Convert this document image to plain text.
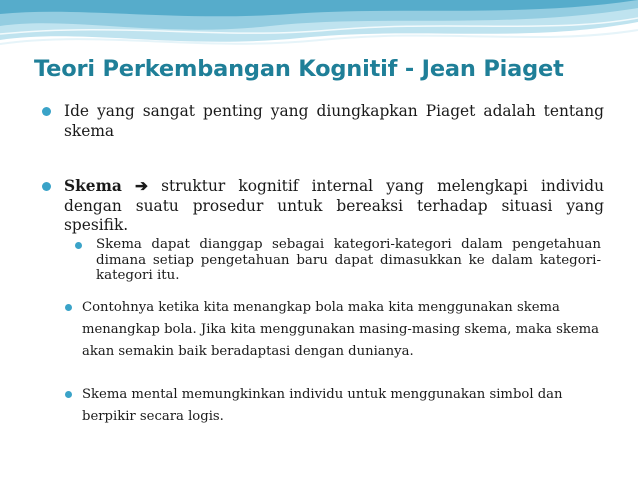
Teori Perkembangan Kognitif - Jean Piaget

Ide yang sangat penting yang diungkapkan Piaget adalah tentang skema

Skema ➔ struktur kognitif internal yang melengkapi individu dengan suatu prosedur untuk bereaksi terhadap situasi yang spesifik.

Skema dapat dianggap sebagai kategori-kategori dalam pengetahuan dimana setiap pengetahuan baru dapat dimasukkan ke dalam kategori-kategori itu.

Contohnya ketika kita menangkap bola maka kita menggunakan skema menangkap bola. Jika kita menggunakan masing-masing skema, maka skema akan semakin baik beradaptasi dengan dunianya.

Skema mental memungkinkan individu untuk menggunakan simbol dan berpikir secara logis.
